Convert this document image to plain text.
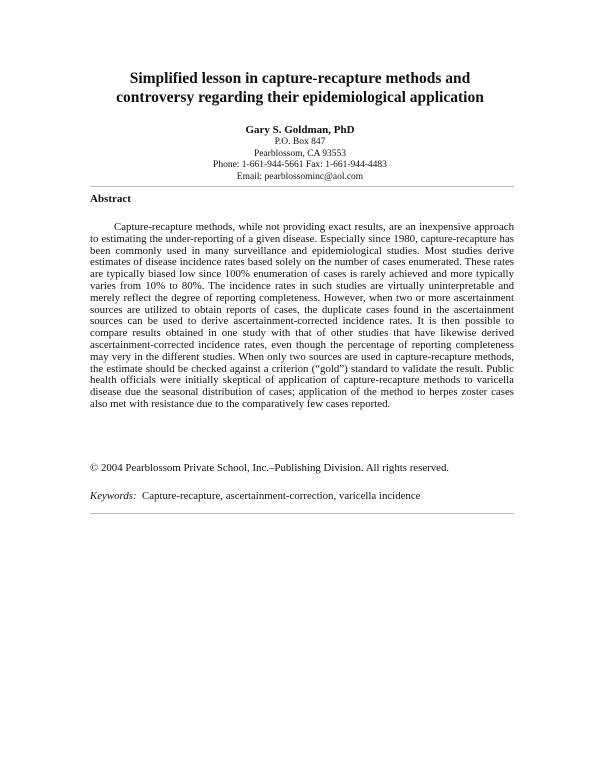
Simplified lesson in capture-recapture methods and
controversy regarding their epidemiological application
Gary S. Goldman, PhD
P.O. Box 847
Pearblossom, CA 93553
Phone: 1-661-944-5661 Fax: 1-661-944-4483
Email: pearblossominc@aol.com
Abstract

Capture-recapture methods, while not providing exact results, are an inexpensive approach to estimating the under-reporting of a given disease. Especially since 1980, capture-recapture has been commonly used in many surveillance and epidemiological studies. Most studies derive estimates of disease incidence rates based solely on the number of cases enumerated. These rates are typically biased low since 100% enumeration of cases is rarely achieved and more typically varies from 10% to 80%. The incidence rates in such studies are virtually uninterpretable and merely reflect the degree of reporting completeness. However, when two or more ascertainment sources are utilized to obtain reports of cases, the duplicate cases found in the ascertainment sources can be used to derive ascertainment-corrected incidence rates. It is then possible to compare results obtained in one study with that of other studies that have likewise derived ascertainment-corrected incidence rates, even though the percentage of reporting completeness may very in the different studies. When only two sources are used in capture-recapture methods, the estimate should be checked against a criterion (“gold”) standard to validate the result. Public health officials were initially skeptical of application of capture-recapture methods to varicella disease due the seasonal distribution of cases; application of the method to herpes zoster cases also met with resistance due to the comparatively few cases reported.

© 2004 Pearblossom Private School, Inc.–Publishing Division. All rights reserved.
Keywords: Capture-recapture, ascertainment-correction, varicella incidence
